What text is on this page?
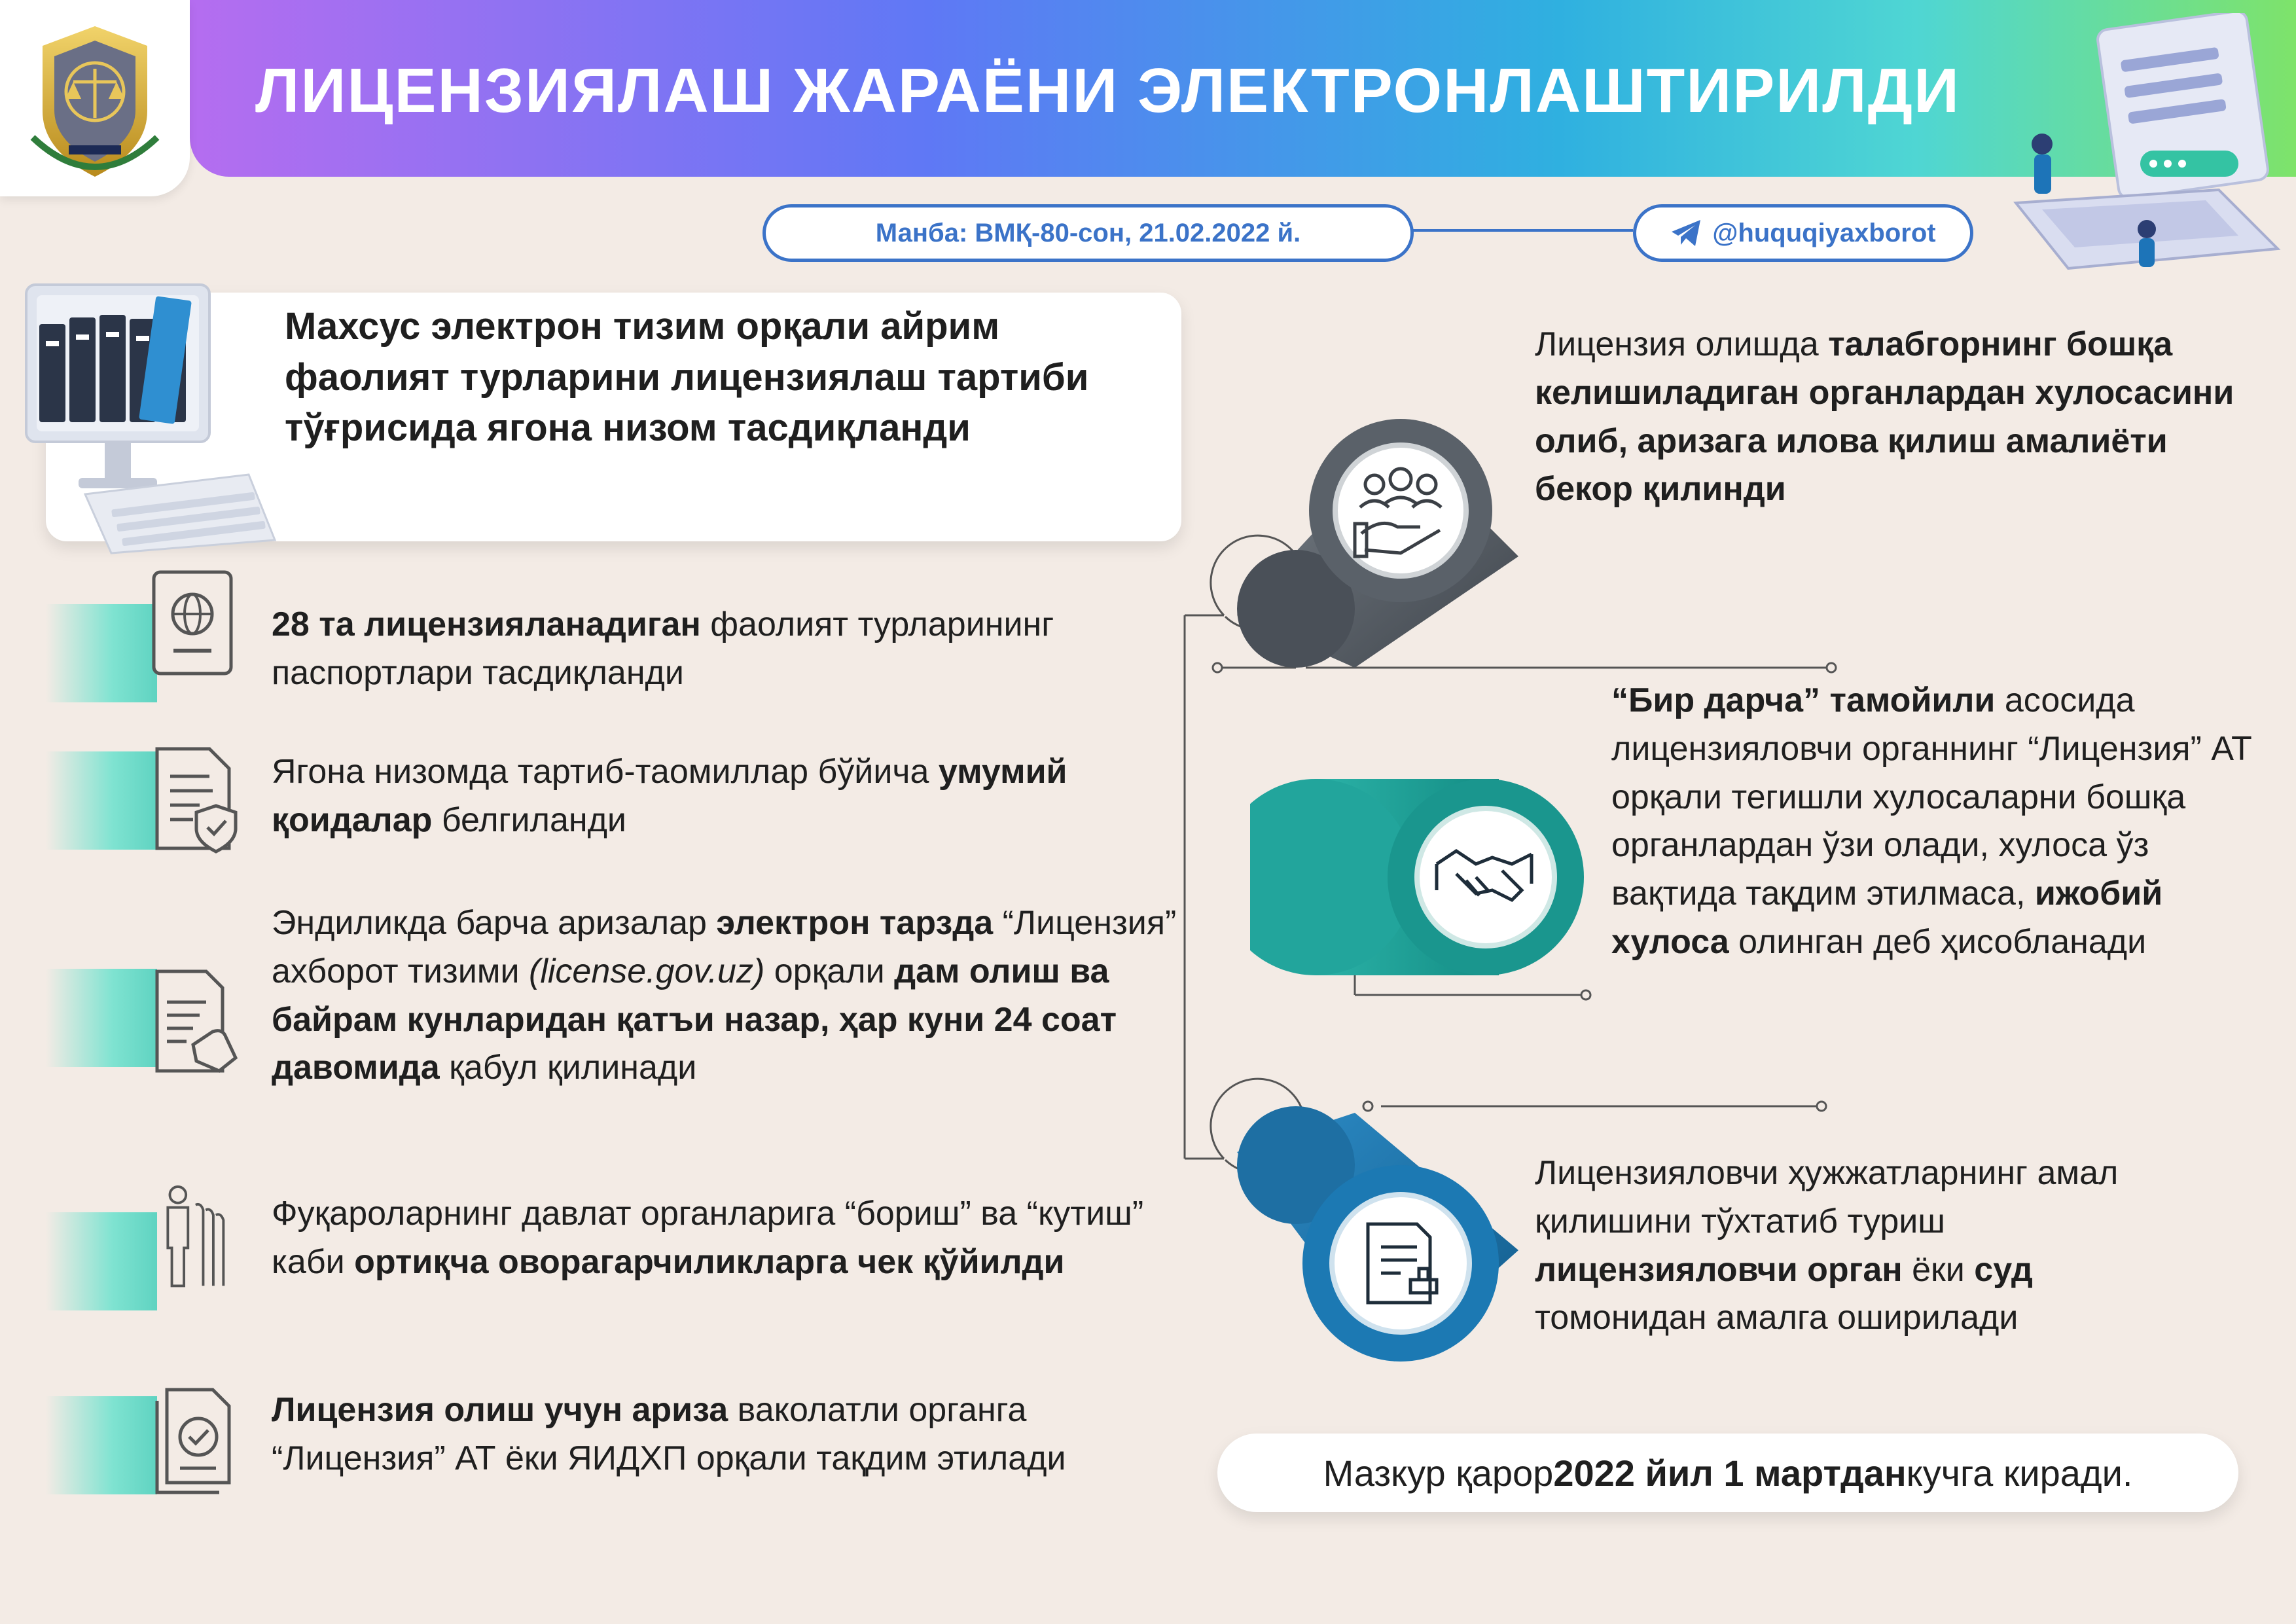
ЛИЦЕНЗИЯЛАШ ЖАРАЁНИ ЭЛЕКТРОНЛАШТИРИЛДИ
Манба: ВМҚ-80-сон, 21.02.2022 й.	@huquqiyaxborot
Махсус электрон тизим орқали айрим фаолият турларини лицензиялаш тартиби тўғрисида ягона низом тасдиқланди
28 та лицензияланадиган фаолият турларининг паспортлари тасдиқланди
Ягона низомда тартиб-таомиллар бўйича умумий қоидалар белгиланди
Эндиликда барча аризалар электрон тарзда “Лицензия” ахборот тизими (license.gov.uz) орқали дам олиш ва байрам кунларидан қатъи назар, ҳар куни 24 соат давомида қабул қилинади
Фуқароларнинг давлат органларига “бориш” ва “кутиш” каби ортиқча оворагарчиликларга чек қўйилди
Лицензия олиш учун ариза ваколатли органга “Лицензия” АТ ёки ЯИДХП орқали тақдим этилади
Лицензия олишда талабгорнинг бошқа келишиладиган органлардан хулосасини олиб, аризага илова қилиш амалиёти бекор қилинди
“Бир дарча” тамойили асосида лицензияловчи органнинг “Лицензия” АТ орқали тегишли хулосаларни бошқа органлардан ўзи олади, хулоса ўз вақтида тақдим этилмаса, ижобий хулоса олинган деб ҳисобланади
Лицензияловчи ҳужжатларнинг амал қилишини тўхтатиб туриш лицензияловчи орган ёки суд томонидан амалга оширилади
Мазкур қарор 2022 йил 1 мартдан кучга киради.
